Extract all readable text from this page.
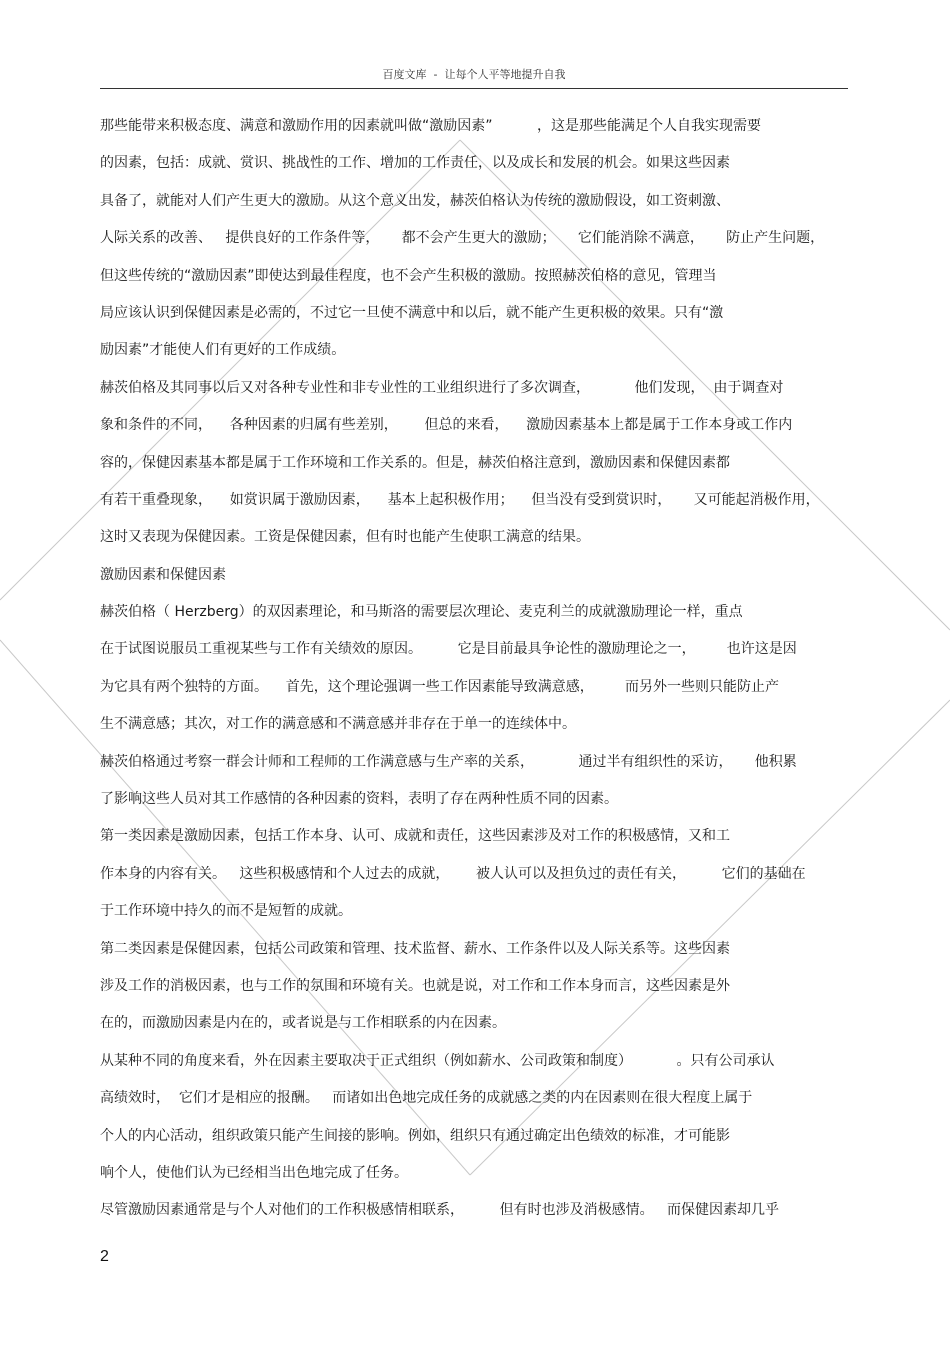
百度文库  -  让每个人平等地提升自我
那些能带来积极态度、满意和激励作用的因素就叫做“激励因素”          ，这是那些能满足个人自我实现需要
的因素，包括：成就、赏识、挑战性的工作、增加的工作责任，以及成长和发展的机会。如果这些因素
具备了，就能对人们产生更大的激励。从这个意义出发，赫茨伯格认为传统的激励假设，如工资刺激、
人际关系的改善、   提供良好的工作条件等，     都不会产生更大的激励；     它们能消除不满意，     防止产生问题，
但这些传统的“激励因素”即使达到最佳程度，也不会产生积极的激励。按照赫茨伯格的意见，管理当
局应该认识到保健因素是必需的，不过它一旦使不满意中和以后，就不能产生更积极的效果。只有“激
励因素”才能使人们有更好的工作成绩。
赫茨伯格及其同事以后又对各种专业性和非专业性的工业组织进行了多次调查，          他们发现，  由于调查对
象和条件的不同，    各种因素的归属有些差别，      但总的来看，    激励因素基本上都是属于工作本身或工作内
容的，保健因素基本都是属于工作环境和工作关系的。但是，赫茨伯格注意到，激励因素和保健因素都
有若干重叠现象，    如赏识属于激励因素，    基本上起积极作用；    但当没有受到赏识时，     又可能起消极作用，
这时又表现为保健因素。工资是保健因素，但有时也能产生使职工满意的结果。
激励因素和保健因素
赫茨伯格（ Herzberg）的双因素理论，和马斯洛的需要层次理论、麦克利兰的成就激励理论一样，重点
在于试图说服员工重视某些与工作有关绩效的原因。        它是目前最具争论性的激励理论之一，       也许这是因
为它具有两个独特的方面。    首先，这个理论强调一些工作因素能导致满意感，       而另外一些则只能防止产
生不满意感；其次，对工作的满意感和不满意感并非存在于单一的连续体中。
赫茨伯格通过考察一群会计师和工程师的工作满意感与生产率的关系，          通过半有组织性的采访，     他积累
了影响这些人员对其工作感情的各种因素的资料，表明了存在两种性质不同的因素。
第一类因素是激励因素，包括工作本身、认可、成就和责任，这些因素涉及对工作的积极感情，又和工
作本身的内容有关。   这些积极感情和个人过去的成就，      被人认可以及担负过的责任有关，        它们的基础在
于工作环境中持久的而不是短暂的成就。
第二类因素是保健因素，包括公司政策和管理、技术监督、薪水、工作条件以及人际关系等。这些因素
涉及工作的消极因素，也与工作的氛围和环境有关。也就是说，对工作和工作本身而言，这些因素是外
在的，而激励因素是内在的，或者说是与工作相联系的内在因素。
从某种不同的角度来看，外在因素主要取决于正式组织（例如薪水、公司政策和制度）          。只有公司承认
高绩效时，  它们才是相应的报酬。   而诸如出色地完成任务的成就感之类的内在因素则在很大程度上属于
个人的内心活动，组织政策只能产生间接的影响。例如，组织只有通过确定出色绩效的标准，才可能影
响个人，使他们认为已经相当出色地完成了任务。
尽管激励因素通常是与个人对他们的工作积极感情相联系，        但有时也涉及消极感情。   而保健因素却几乎
2
